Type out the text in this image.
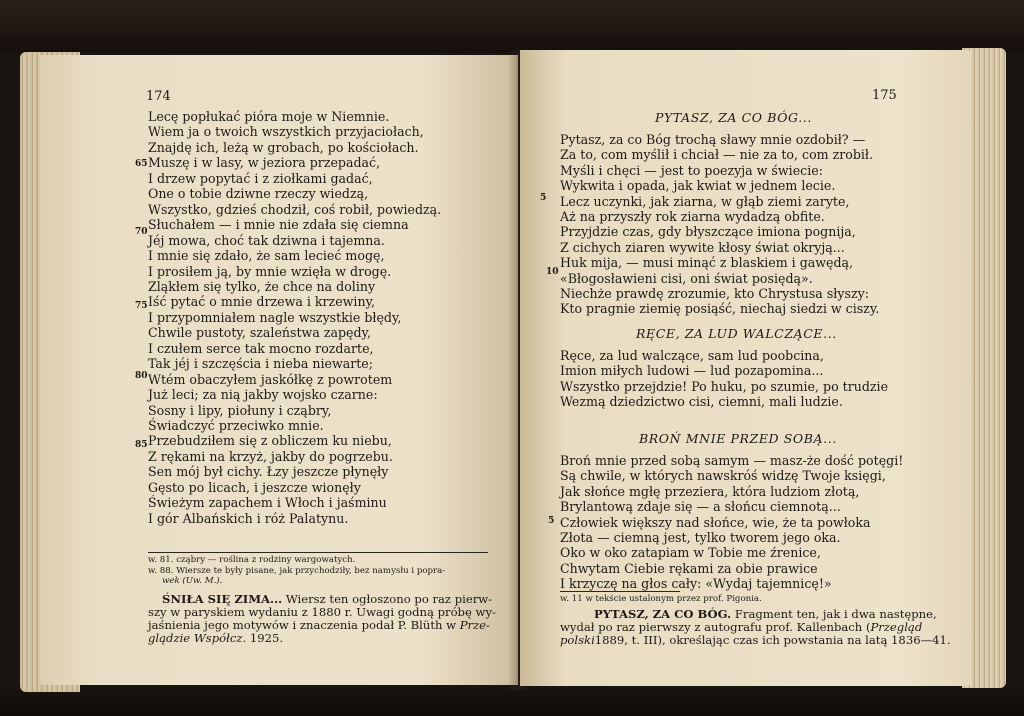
174
Lecę popłukać pióra moje w Niemnie.
Wiem ja o twoich wszystkich przyjaciołach,
Znajdę ich, leżą w grobach, po kościołach.
Muszę i w lasy, w jeziora przepadać,
I drzew popytać i z ziołkami gadać,
One o tobie dziwne rzeczy wiedzą,
Wszystko, gdzieś chodził, coś robił, powiedzą.
Słuchałem — i mnie nie zdała się ciemna
Jéj mowa, choć tak dziwna i tajemna.
I mnie się zdało, że sam lecieć mogę,
I prosiłem ją, by mnie wzięła w drogę.
Zląkłem się tylko, że chce na doliny
Iść pytać o mnie drzewa i krzewiny,
I przypomniałem nagle wszystkie błędy,
Chwile pustoty, szaleństwa zapędy,
I czułem serce tak mocno rozdarte,
Tak jéj i szczęścia i nieba niewarte;
Wtém obaczyłem jaskółkę z powrotem
Już leci; za nią jakby wojsko czarne:
Sosny i lipy, piołuny i cząbry,
Świadczyć przeciwko mnie.
Przebudziłem się z obliczem ku niebu,
Z rękami na krzyż, jakby do pogrzebu.
Sen mój był cichy. Łzy jeszcze płynęły
Gęsto po licach, i jeszcze wionęły
Świeżym zapachem i Włoch i jaśminu
I gór Albańskich i róż Palatynu.
65
70
75
80
85
w. 81. cząbry — roślina z rodziny wargowatych.
w. 88. Wiersze te były pisane, jak przychodziły, bez namysłu i popra-
wek (Uw. M.).
ŚNIŁA SIĘ ZIMA... Wiersz ten ogłoszono po raz pierw-
szy w paryskiem wydaniu z 1880 r. Uwagi godną próbę wy-
jaśnienia jego motywów i znaczenia podał P. Blüth w Prze-
glądzie Współcz. 1925.
175
PYTASZ, ZA CO BÓG...
Pytasz, za co Bóg trochą sławy mnie ozdobił? —
Za to, com myślił i chciał — nie za to, com zrobił.
Myśli i chęci — jest to poezyja w świecie:
Wykwita i opada, jak kwiat w jednem lecie.
Lecz uczynki, jak ziarna, w głąb ziemi zaryte,
Aż na przyszły rok ziarna wydadzą obfite.
Przyjdzie czas, gdy błyszczące imiona pognija,
Z cichych ziaren wywite kłosy świat okryją...
Huk mija, — musi minąć z blaskiem i gawędą,
«Błogosławieni cisi, oni świat posiędą».
Niechże prawdę zrozumie, kto Chrystusa słyszy:
Kto pragnie ziemię posiąść, niechaj siedzi w ciszy.
5
10
RĘCE, ZA LUD WALCZĄCE...
Ręce, za lud walczące, sam lud poobcina,
Imion miłych ludowi — lud pozapomina...
Wszystko przejdzie! Po huku, po szumie, po trudzie
Wezmą dziedzictwo cisi, ciemni, mali ludzie.
BROŃ MNIE PRZED SOBĄ...
Broń mnie przed sobą samym — masz-że dość potęgi!
Są chwile, w których nawskróś widzę Twoje księgi,
Jak słońce mgłę przeziera, która ludziom złotą,
Brylantową zdaje się — a słońcu ciemnotą...
Człowiek większy nad słońce, wie, że ta powłoka
Złota — ciemną jest, tylko tworem jego oka.
Oko w oko zatapiam w Tobie me źrenice,
Chwytam Ciebie rękami za obie prawice
I krzyczę na głos cały: «Wydaj tajemnicę!»
5
w. 11 w tekście ustalonym przez prof. Pigonia.
PYTASZ, ZA CO BÓG. Fragment ten, jak i dwa następne,
wydał po raz pierwszy z autografu prof. Kallenbach (Przegląd
polski1889, t. III), określając czas ich powstania na latą 1836—41.
